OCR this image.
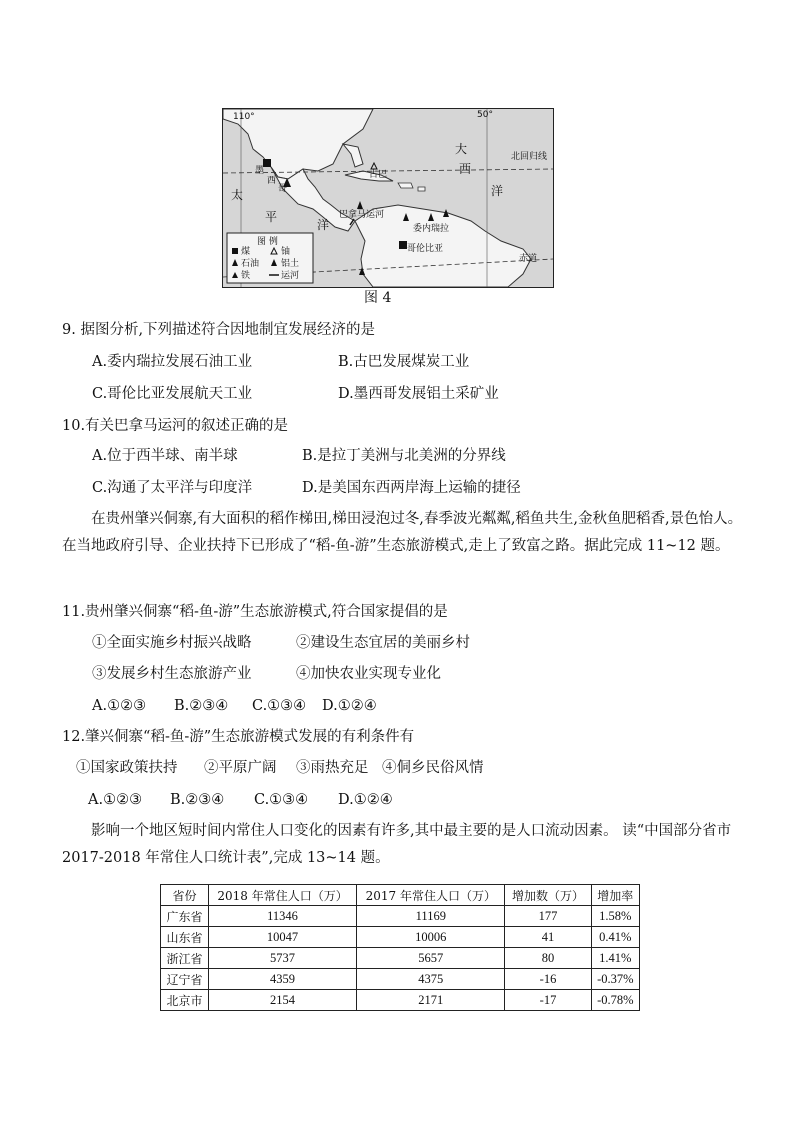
110°	50°
北回归线
赤道
大
西
洋
太
平
洋
墨
西
哥
古巴
巴拿马运河
哥伦比亚
委内瑞拉
图 例
煤	铀
石油 铝土
铁	运河
图 4
9. 据图分析,下列描述符合因地制宜发展经济的是
A.委内瑞拉发展石油工业	B.古巴发展煤炭工业
C.哥伦比亚发展航天工业	D.墨西哥发展铝土采矿业
10.有关巴拿马运河的叙述正确的是
A.位于西半球、南半球	B.是拉丁美洲与北美洲的分界线
C.沟通了太平洋与印度洋	D.是美国东西两岸海上运输的捷径
在贵州肇兴侗寨,有大面积的稻作梯田,梯田浸泡过冬,春季波光粼粼,稻鱼共生,金秋鱼肥稻香,景色怡人。在当地政府引导、企业扶持下已形成了“稻-鱼-游”生态旅游模式,走上了致富之路。据此完成 11~12 题。
11.贵州肇兴侗寨“稻-鱼-游”生态旅游模式,符合国家提倡的是
①全面实施乡村振兴战略	②建设生态宜居的美丽乡村
③发展乡村生态旅游产业	④加快农业实现专业化
A.①②③ B.②③④ C.①③④ D.①②④
12.肇兴侗寨“稻-鱼-游”生态旅游模式发展的有利条件有
①国家政策扶持 ②平原广阔 ③雨热充足 ④侗乡民俗风情
A.①②③ B.②③④ C.①③④ D.①②④
影响一个地区短时间内常住人口变化的因素有许多,其中最主要的是人口流动因素。 读“中国部分省市 2017-2018 年常住人口统计表”,完成 13~14 题。
省份	2018 年常住人口（万）	2017 年常住人口（万）	增加数（万）	增加率
广东省	11346	11169	177	1.58%
山东省	10047	10006	41	0.41%
浙江省	5737	5657	80	1.41%
辽宁省	4359	4375	-16	-0.37%
北京市	2154	2171	-17	-0.78%
